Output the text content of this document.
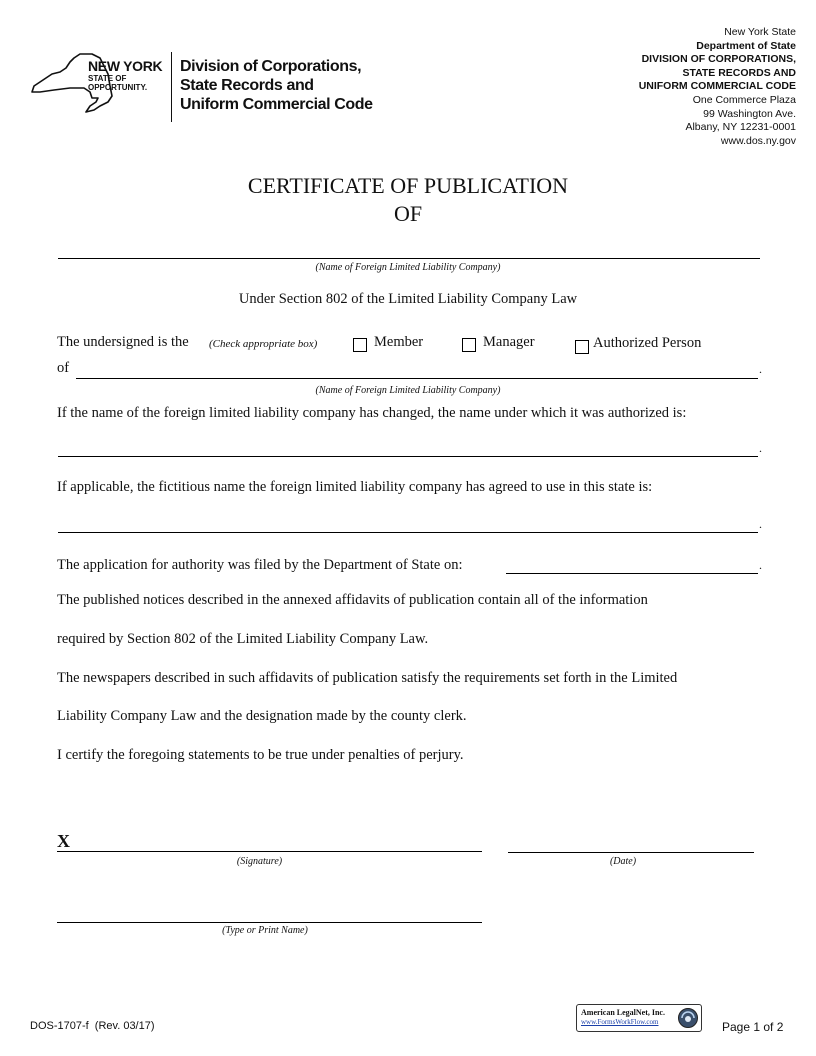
NEW YORK
STATE OF
OPPORTUNITY.
Division of Corporations,
State Records and
Uniform Commercial Code
New York State
Department of State
DIVISION OF CORPORATIONS,
STATE RECORDS AND
UNIFORM COMMERCIAL CODE
One Commerce Plaza
99 Washington Ave.
Albany, NY 12231-0001
www.dos.ny.gov
CERTIFICATE OF PUBLICATION
OF
(Name of Foreign Limited Liability Company)
Under Section 802 of the Limited Liability Company Law
The undersigned is the (Check appropriate box)	Member	Manager	Authorized Person
of	.
(Name of Foreign Limited Liability Company)
If the name of the foreign limited liability company has changed, the name under which it was authorized is:
.
If applicable, the fictitious name the foreign limited liability company has agreed to use in this state is:
.
The application for authority was filed by the Department of State on:	.
The published notices described in the annexed affidavits of publication contain all of the information
required by Section 802 of the Limited Liability Company Law.
The newspapers described in such affidavits of publication satisfy the requirements set forth in the Limited
Liability Company Law and the designation made by the county clerk.
I certify the foregoing statements to be true under penalties of perjury.
X
(Signature)	(Date)
(Type or Print Name)
DOS-1707-f  (Rev. 03/17)
American LegalNet, Inc.
www.FormsWorkFlow.com	Page 1 of 2
